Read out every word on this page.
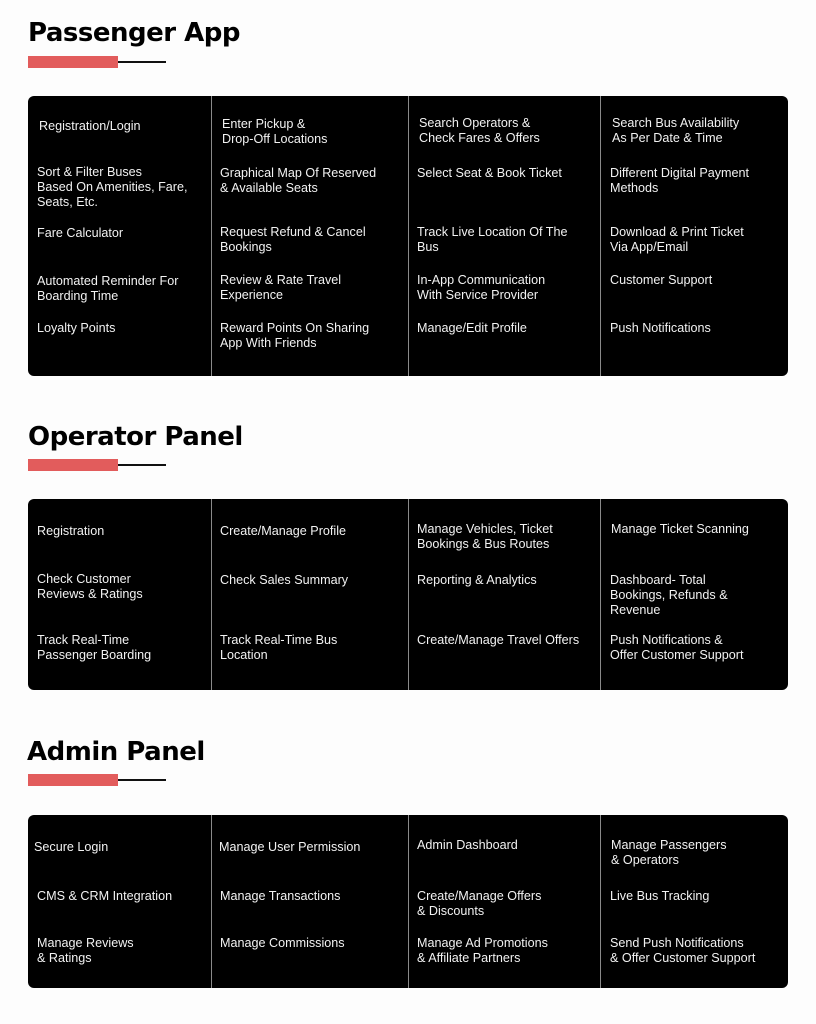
Passenger App
Registration/Login
Sort & Filter Buses
Based On Amenities, Fare,
Seats, Etc.
Fare Calculator
Automated Reminder For
Boarding Time
Loyalty Points
Enter Pickup &
Drop-Off Locations
Graphical Map Of Reserved
& Available Seats
Request Refund & Cancel
Bookings
Review & Rate Travel
Experience
Reward Points On Sharing
App With Friends
Search Operators &
Check Fares & Offers
Select Seat & Book Ticket
Track Live Location Of The
Bus
In-App Communication
With Service Provider
Manage/Edit Profile
Search Bus Availability
As Per Date & Time
Different Digital Payment
Methods
Download & Print Ticket
Via App/Email
Customer Support
Push Notifications
Operator Panel
Registration
Check Customer
Reviews & Ratings
Track Real-Time
Passenger Boarding
Create/Manage Profile
Check Sales Summary
Track Real-Time Bus
Location
Manage Vehicles, Ticket
Bookings & Bus Routes
Reporting & Analytics
Create/Manage Travel Offers
Manage Ticket Scanning
Dashboard- Total
Bookings, Refunds &
Revenue
Push Notifications &
Offer Customer Support
Admin Panel
Secure Login
CMS & CRM Integration
Manage Reviews
& Ratings
Manage User Permission
Manage Transactions
Manage Commissions
Admin Dashboard
Create/Manage Offers
& Discounts
Manage Ad Promotions
& Affiliate Partners
Manage Passengers
& Operators
Live Bus Tracking
Send Push Notifications
& Offer Customer Support
